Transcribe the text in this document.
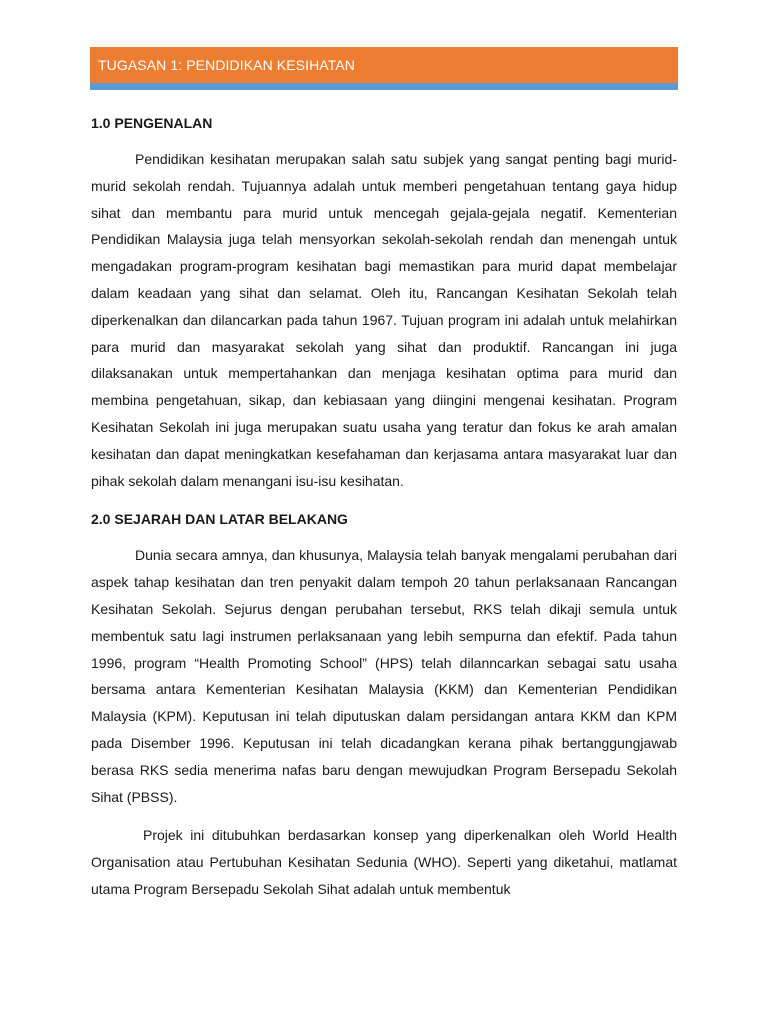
TUGASAN 1: PENDIDIKAN KESIHATAN
1.0 PENGENALAN

Pendidikan kesihatan merupakan salah satu subjek yang sangat penting bagi murid-murid sekolah rendah. Tujuannya adalah untuk memberi pengetahuan tentang gaya hidup sihat dan membantu para murid untuk mencegah gejala-gejala negatif. Kementerian Pendidikan Malaysia juga telah mensyorkan sekolah-sekolah rendah dan menengah untuk mengadakan program-program kesihatan bagi memastikan para murid dapat membelajar dalam keadaan yang sihat dan selamat. Oleh itu, Rancangan Kesihatan Sekolah telah diperkenalkan dan dilancarkan pada tahun 1967. Tujuan program ini adalah untuk melahirkan para murid dan masyarakat sekolah yang sihat dan produktif. Rancangan ini juga dilaksanakan untuk mempertahankan dan menjaga kesihatan optima para murid dan membina pengetahuan, sikap, dan kebiasaan yang diingini mengenai kesihatan. Program Kesihatan Sekolah ini juga merupakan suatu usaha yang teratur dan fokus ke arah amalan kesihatan dan dapat meningkatkan kesefahaman dan kerjasama antara masyarakat luar dan pihak sekolah dalam menangani isu-isu kesihatan.

2.0 SEJARAH DAN LATAR BELAKANG

Dunia secara amnya, dan khusunya, Malaysia telah banyak mengalami perubahan dari aspek tahap kesihatan dan tren penyakit dalam tempoh 20 tahun perlaksanaan Rancangan Kesihatan Sekolah. Sejurus dengan perubahan tersebut, RKS telah dikaji semula untuk membentuk satu lagi instrumen perlaksanaan yang lebih sempurna dan efektif. Pada tahun 1996, program “Health Promoting School” (HPS) telah dilanncarkan sebagai satu usaha bersama antara Kementerian Kesihatan Malaysia (KKM) dan Kementerian Pendidikan Malaysia (KPM). Keputusan ini telah diputuskan dalam persidangan antara KKM dan KPM pada Disember 1996. Keputusan ini telah dicadangkan kerana pihak bertanggungjawab berasa RKS sedia menerima nafas baru dengan mewujudkan Program Bersepadu Sekolah Sihat (PBSS).

Projek ini ditubuhkan berdasarkan konsep yang diperkenalkan oleh World Health Organisation atau Pertubuhan Kesihatan Sedunia (WHO). Seperti yang diketahui, matlamat utama Program Bersepadu Sekolah Sihat adalah untuk membentuk
